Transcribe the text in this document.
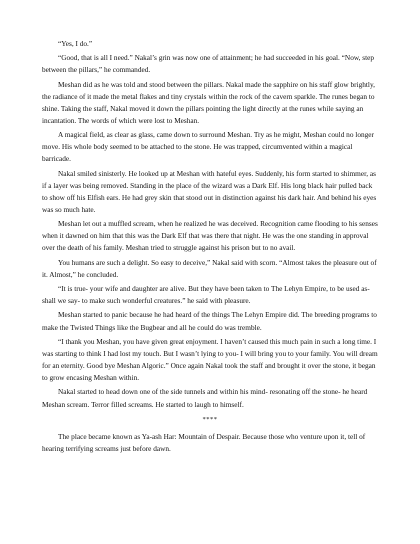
“Yes, I do.”

“Good, that is all I need.” Nakal’s grin was now one of attainment; he had succeeded in his goal. “Now, step between the pillars,” he commanded.

Meshan did as he was told and stood between the pillars. Nakal made the sapphire on his staff glow brightly, the radiance of it made the metal flakes and tiny crystals within the rock of the cavern sparkle. The runes began to shine. Taking the staff, Nakal moved it down the pillars pointing the light directly at the runes while saying an incantation. The words of which were lost to Meshan.

A magical field, as clear as glass, came down to surround Meshan. Try as he might, Meshan could no longer move. His whole body seemed to be attached to the stone. He was trapped, circumvented within a magical barricade.

Nakal smiled sinisterly. He looked up at Meshan with hateful eyes. Suddenly, his form started to shimmer, as if a layer was being removed. Standing in the place of the wizard was a Dark Elf. His long black hair pulled back to show off his Elfish ears. He had grey skin that stood out in distinction against his dark hair. And behind his eyes was so much hate.

Meshan let out a muffled scream, when he realized he was deceived. Recognition came flooding to his senses when it dawned on him that this was the Dark Elf that was there that night. He was the one standing in approval over the death of his family. Meshan tried to struggle against his prison but to no avail.

You humans are such a delight. So easy to deceive,” Nakal said with scorn. “Almost takes the pleasure out of it. Almost,” he concluded.

“It is true- your wife and daughter are alive. But they have been taken to The Lehyn Empire, to be used as- shall we say- to make such wonderful creatures.” he said with pleasure.

Meshan started to panic because he had heard of the things The Lehyn Empire did. The breeding programs to make the Twisted Things like the Bugbear and all he could do was tremble.

“I thank you Meshan, you have given great enjoyment. I haven’t caused this much pain in such a long time. I was starting to think I had lost my touch. But I wasn’t lying to you- I will bring you to your family. You will dream for an eternity. Good bye Meshan Algoric.” Once again Nakal took the staff and brought it over the stone, it began to grow encasing Meshan within.

Nakal started to head down one of the side tunnels and within his mind- resonating off the stone- he heard Meshan scream. Terror filled screams. He started to laugh to himself.

****

The place became known as Ya-ash Har: Mountain of Despair. Because those who venture upon it, tell of hearing terrifying screams just before dawn.
